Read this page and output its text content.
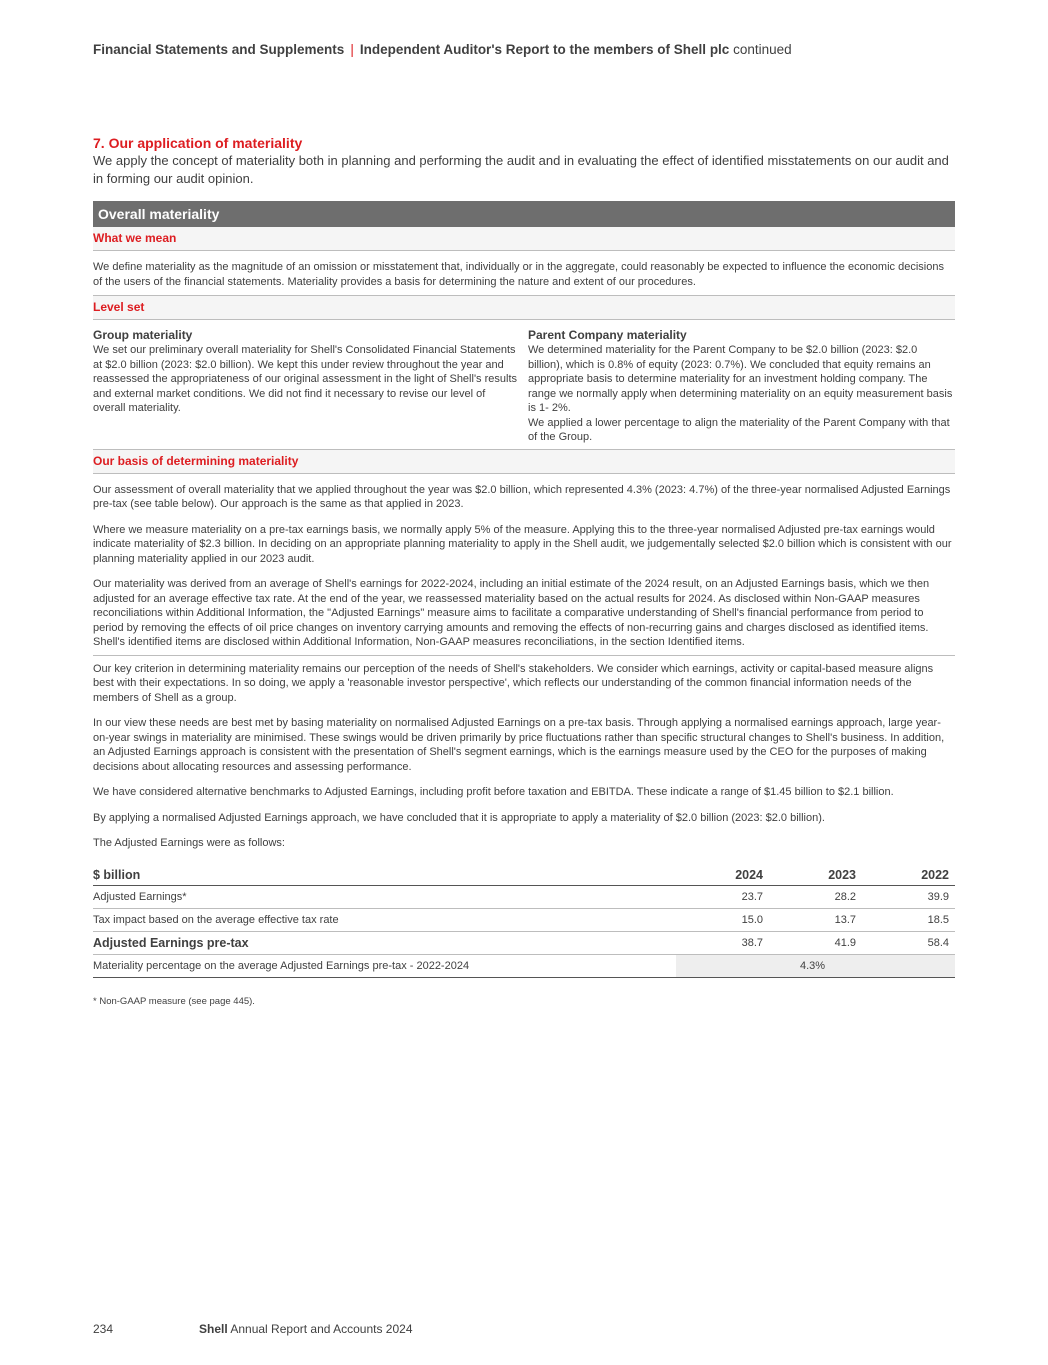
Financial Statements and Supplements | Independent Auditor's Report to the members of Shell plc continued
7. Our application of materiality

We apply the concept of materiality both in planning and performing the audit and in evaluating the effect of identified misstatements on our audit and in forming our audit opinion.

Overall materiality
What we mean

We define materiality as the magnitude of an omission or misstatement that, individually or in the aggregate, could reasonably be expected to influence the economic decisions of the users of the financial statements. Materiality provides a basis for determining the nature and extent of our procedures.

Level set
Group materiality

We set our preliminary overall materiality for Shell's Consolidated Financial Statements at $2.0 billion (2023: $2.0 billion). We kept this under review throughout the year and reassessed the appropriateness of our original assessment in the light of Shell's results and external market conditions. We did not find it necessary to revise our level of overall materiality.

Parent Company materiality

We determined materiality for the Parent Company to be $2.0 billion (2023: $2.0 billion), which is 0.8% of equity (2023: 0.7%). We concluded that equity remains an appropriate basis to determine materiality for an investment holding company. The range we normally apply when determining materiality on an equity measurement basis is 1- 2%.

We applied a lower percentage to align the materiality of the Parent Company with that of the Group.

Our basis of determining materiality

Our assessment of overall materiality that we applied throughout the year was $2.0 billion, which represented 4.3% (2023: 4.7%) of the three-year normalised Adjusted Earnings pre-tax (see table below). Our approach is the same as that applied in 2023.

Where we measure materiality on a pre-tax earnings basis, we normally apply 5% of the measure. Applying this to the three-year normalised Adjusted pre-tax earnings would indicate materiality of $2.3 billion. In deciding on an appropriate planning materiality to apply in the Shell audit, we judgementally selected $2.0 billion which is consistent with our planning materiality applied in our 2023 audit.

Our materiality was derived from an average of Shell's earnings for 2022-2024, including an initial estimate of the 2024 result, on an Adjusted Earnings basis, which we then adjusted for an average effective tax rate. At the end of the year, we reassessed materiality based on the actual results for 2024. As disclosed within Non-GAAP measures reconciliations within Additional Information, the "Adjusted Earnings" measure aims to facilitate a comparative understanding of Shell's financial performance from period to period by removing the effects of oil price changes on inventory carrying amounts and removing the effects of non-recurring gains and charges disclosed as identified items. Shell's identified items are disclosed within Additional Information, Non-GAAP measures reconciliations, in the section Identified items.

Our key criterion in determining materiality remains our perception of the needs of Shell's stakeholders. We consider which earnings, activity or capital-based measure aligns best with their expectations. In so doing, we apply a 'reasonable investor perspective', which reflects our understanding of the common financial information needs of the members of Shell as a group.

In our view these needs are best met by basing materiality on normalised Adjusted Earnings on a pre-tax basis. Through applying a normalised earnings approach, large year-on-year swings in materiality are minimised. These swings would be driven primarily by price fluctuations rather than specific structural changes to Shell's business. In addition, an Adjusted Earnings approach is consistent with the presentation of Shell's segment earnings, which is the earnings measure used by the CEO for the purposes of making decisions about allocating resources and assessing performance.

We have considered alternative benchmarks to Adjusted Earnings, including profit before taxation and EBITDA. These indicate a range of $1.45 billion to $2.1 billion.

By applying a normalised Adjusted Earnings approach, we have concluded that it is appropriate to apply a materiality of $2.0 billion (2023: $2.0 billion).

The Adjusted Earnings were as follows:

$ billion	2024	2023	2022
Adjusted Earnings*	23.7	28.2	39.9
Tax impact based on the average effective tax rate	15.0	13.7	18.5
Adjusted Earnings pre-tax	38.7	41.9	58.4
Materiality percentage on the average Adjusted Earnings pre-tax - 2022-2024	4.3%		
* Non-GAAP measure (see page 445).
234	Shell Annual Report and Accounts 2024
